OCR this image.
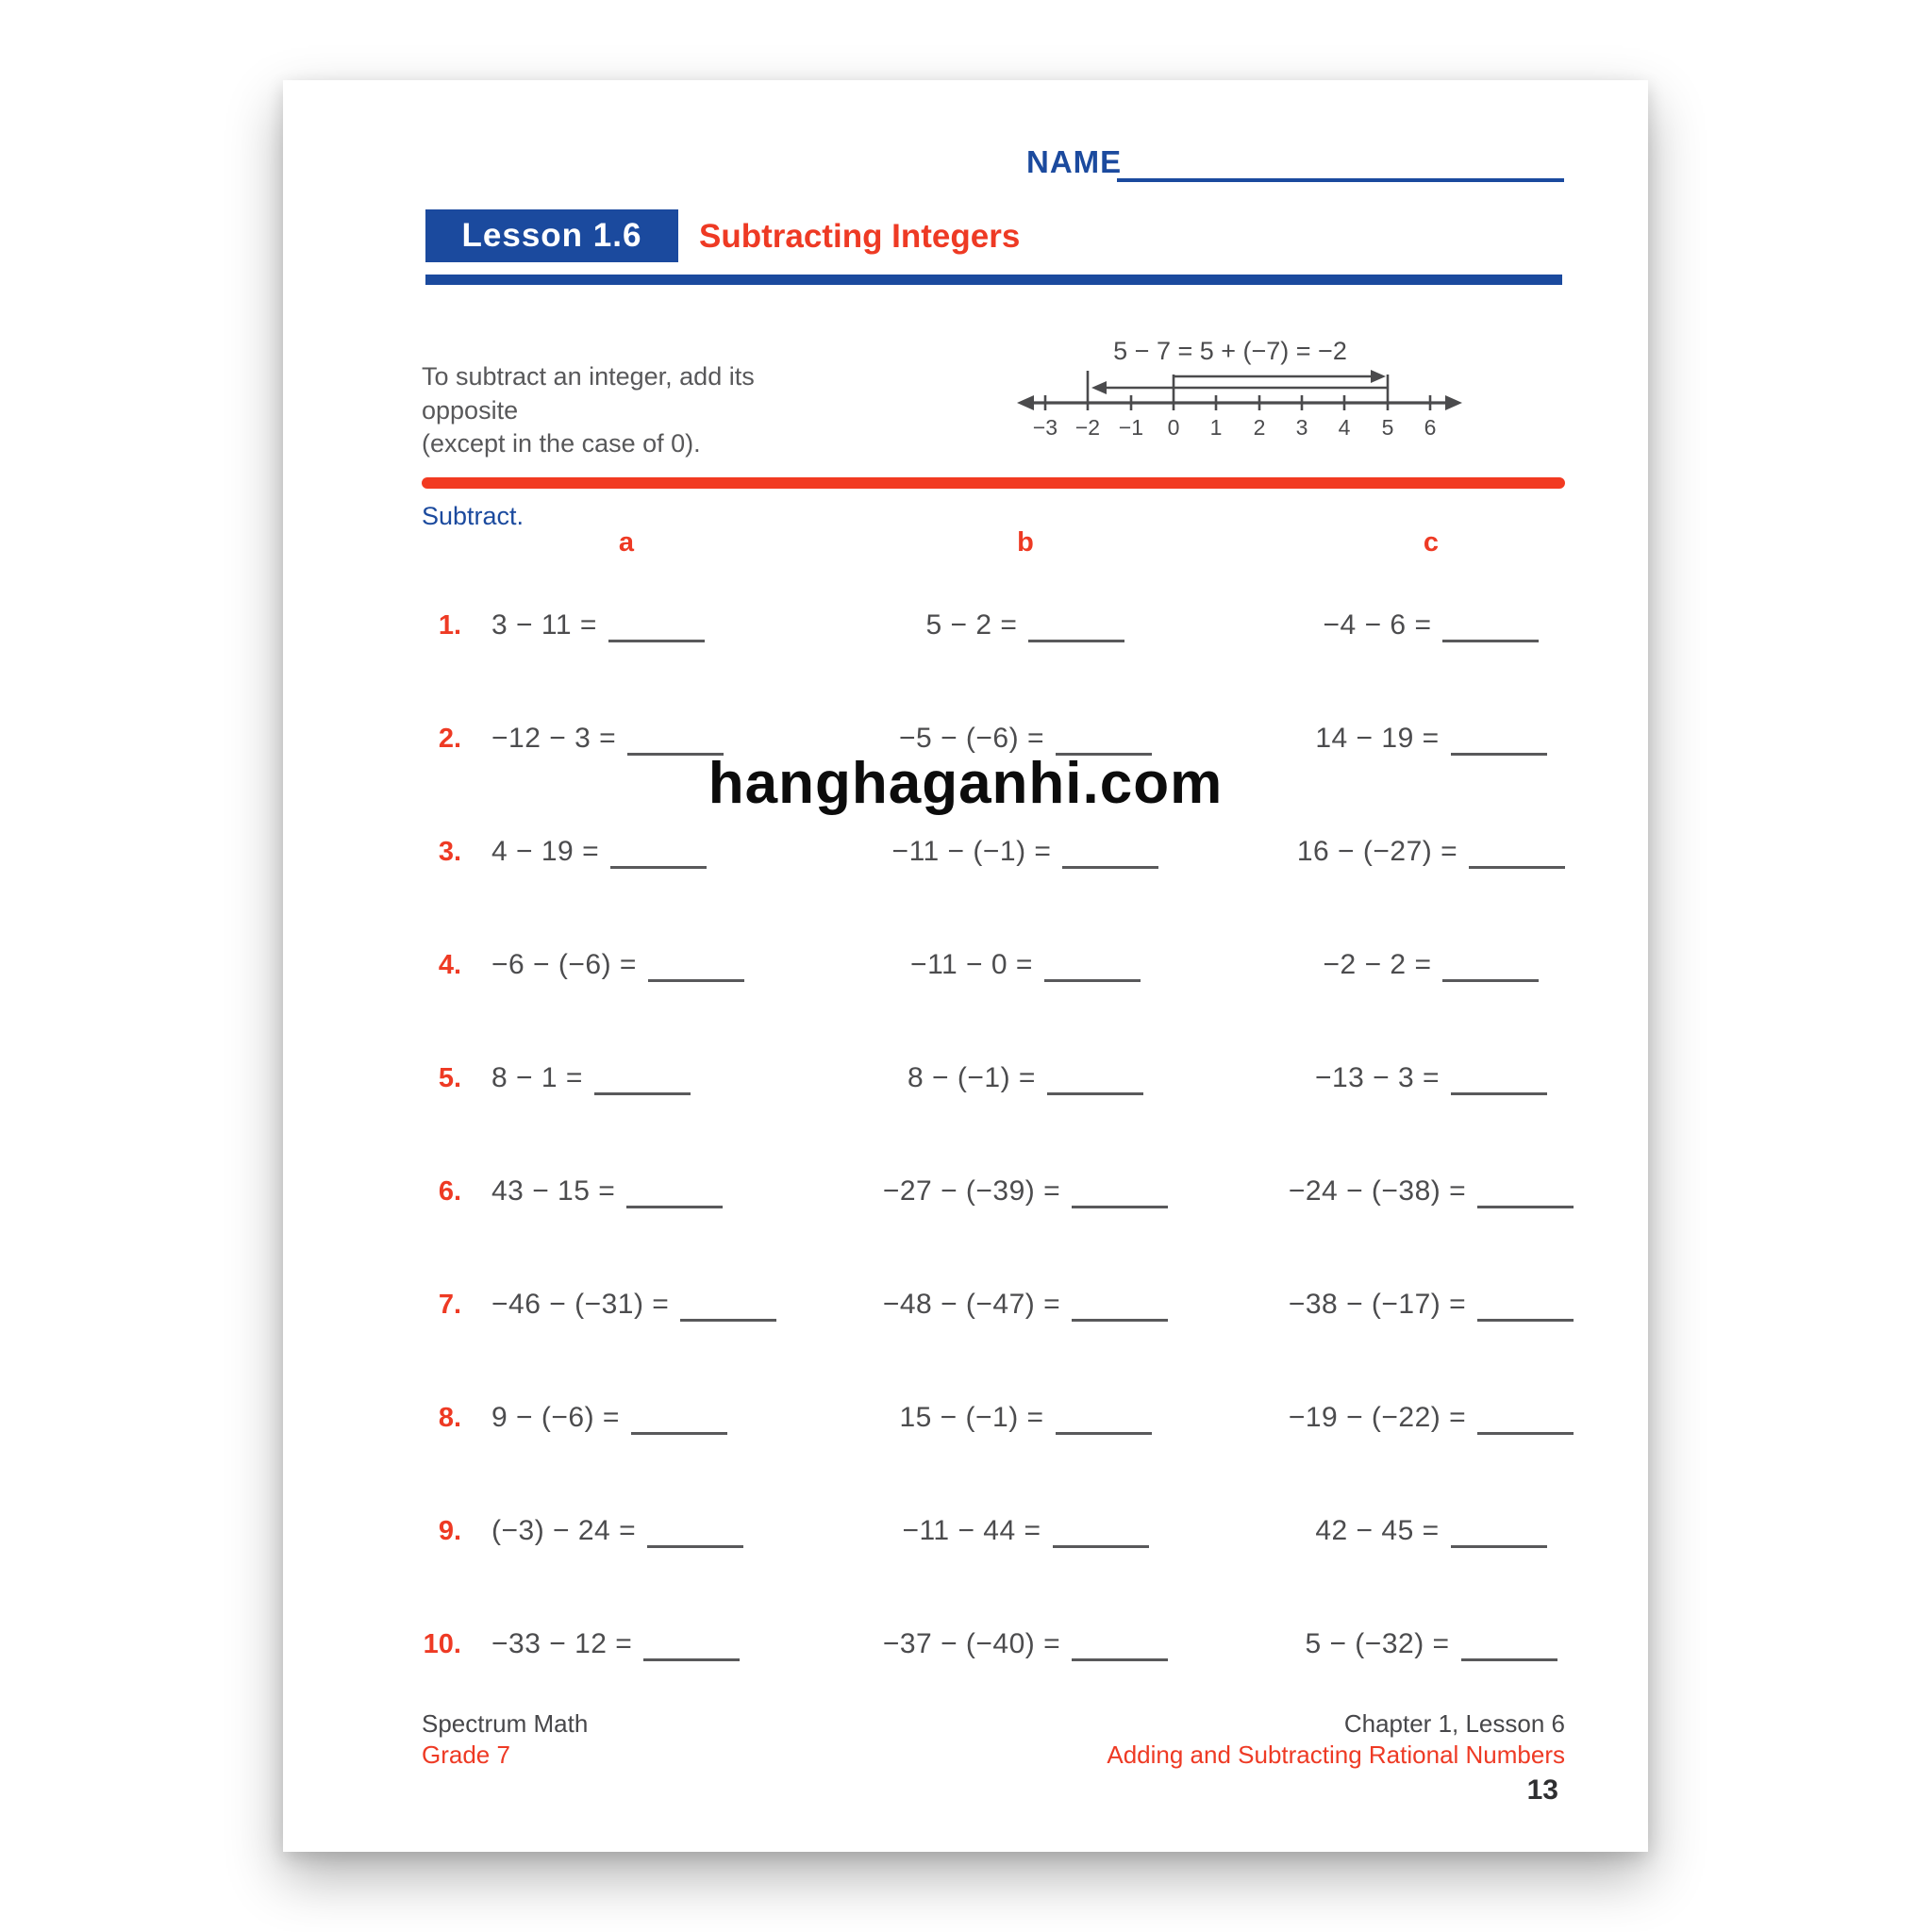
NAME
Lesson 1.6	Subtracting Integers
To subtract an integer, add its opposite
(except in the case of 0).
5 − 7 = 5 + (−7) = −2
−3 −2 −1 0 1 2 3 4 5 6
Subtract.
a	b	c
1.	3 − 11 =	5 − 2 =	−4 − 6 =
2.	−12 − 3 =	−5 − (−6) =	14 − 19 =
3.	4 − 19 =	−11 − (−1) =	16 − (−27) =
4.	−6 − (−6) =	−11 − 0 =	−2 − 2 =
5.	8 − 1 =	8 − (−1) =	−13 − 3 =
6.	43 − 15 =	−27 − (−39) =	−24 − (−38) =
7.	−46 − (−31) =	−48 − (−47) =	−38 − (−17) =
8.	9 − (−6) =	15 − (−1) =	−19 − (−22) =
9.	(−3) − 24 =	−11 − 44 =	42 − 45 =
10.	−33 − 12 =	−37 − (−40) =	5 − (−32) =
hanghaganhi.com
Spectrum Math
Grade 7
Chapter 1, Lesson 6
Adding and Subtracting Rational Numbers
13
